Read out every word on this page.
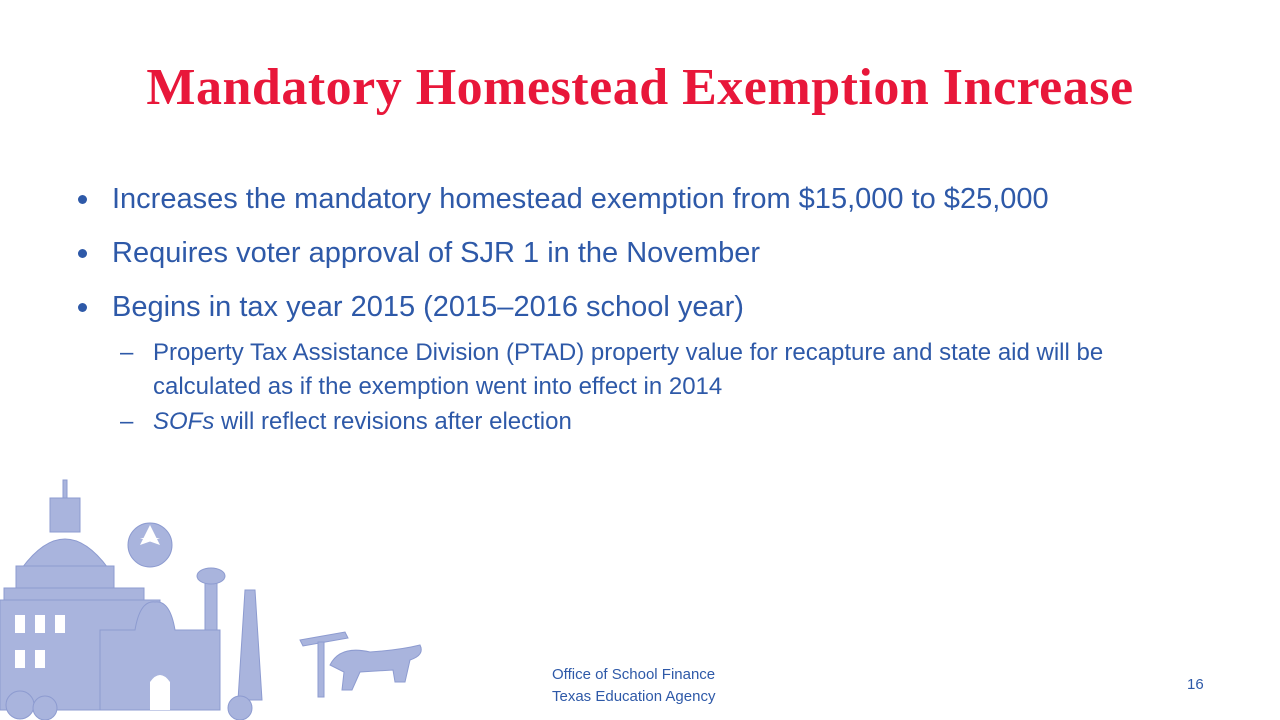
Mandatory Homestead Exemption Increase
Increases the mandatory homestead exemption from $15,000 to $25,000
Requires voter approval of SJR 1 in the November
Begins in tax year 2015 (2015–2016 school year)
– Property Tax Assistance Division (PTAD) property value for recapture and state aid will be calculated as if the exemption went into effect in 2014
– SOFs will reflect revisions after election
Office of School Finance
Texas Education Agency
16
